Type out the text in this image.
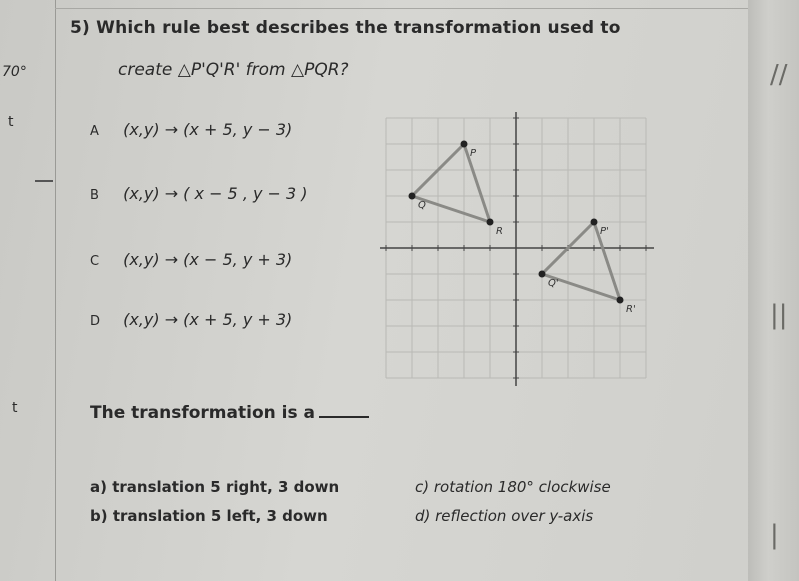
70°
t
t
5) Which rule best describes the transformation used to
create △P'Q'R' from △PQR?
A (x,y) → (x + 5, y − 3)
B (x,y) → ( x − 5 , y − 3 )
C (x,y) → (x − 5, y + 3)
D (x,y) → (x + 5, y + 3)
P
Q
R	P'
Q'
R'
The transformation is a
a) translation 5 right, 3 down
b) translation 5 left, 3 down
c) rotation 180° clockwise
d) reflection over y-axis
//
||
|
